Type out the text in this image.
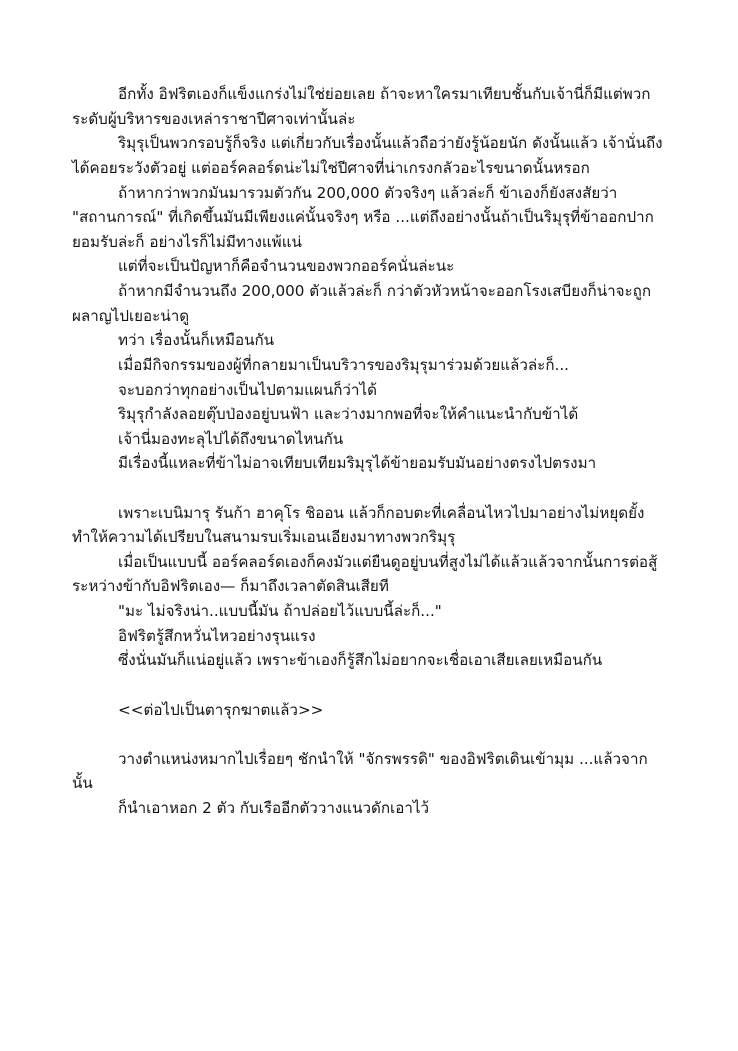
อีกทั้ง อิฟริตเองก็แข็งแกร่งไม่ใช่ย่อยเลย ถ้าจะหาใครมาเทียบชั้นกับเจ้านี่ก็มีแต่พวกระดับผู้บริหารของเหล่าราชาปีศาจเท่านั้นล่ะ

ริมุรุเป็นพวกรอบรู้ก็จริง แต่เกี่ยวกับเรื่องนั้นแล้วถือว่ายังรู้น้อยนัก ดังนั้นแล้ว เจ้านั่นถึงได้คอยระวังตัวอยู่ แต่ออร์คลอร์ดน่ะไม่ใช่ปีศาจที่น่าเกรงกลัวอะไรขนาดนั้นหรอก

ถ้าหากว่าพวกมันมารวมตัวกัน 200,000 ตัวจริงๆ แล้วล่ะก็ ข้าเองก็ยังสงสัยว่า "สถานการณ์" ที่เกิดขึ้นมันมีเพียงแค่นั้นจริงๆ หรือ ...แต่ถึงอย่างนั้นถ้าเป็นริมุรุที่ข้าออกปากยอมรับล่ะก็ อย่างไรก็ไม่มีทางแพ้แน่

แต่ที่จะเป็นปัญหาก็คือจำนวนของพวกออร์คนั่นล่ะนะ

ถ้าหากมีจำนวนถึง 200,000 ตัวแล้วล่ะก็ กว่าตัวหัวหน้าจะออกโรงเสบียงก็น่าจะถูกผลาญไปเยอะน่าดู

ทว่า เรื่องนั้นก็เหมือนกัน

เมื่อมีกิจกรรมของผู้ที่กลายมาเป็นบริวารของริมุรุมาร่วมด้วยแล้วล่ะก็...

จะบอกว่าทุกอย่างเป็นไปตามแผนก็ว่าได้

ริมุรุกำลังลอยตุ๊บป่องอยู่บนฟ้า และว่างมากพอที่จะให้คำแนะนำกับข้าได้

เจ้านี่มองทะลุไปได้ถึงขนาดไหนกัน

มีเรื่องนี้แหละที่ข้าไม่อาจเทียบเทียมริมุรุได้ข้ายอมรับมันอย่างตรงไปตรงมา

เพราะเบนิมารุ รันก้า ฮาคุโร ชิออน แล้วก็กอบตะที่เคลื่อนไหวไปมาอย่างไม่หยุดยั้งทำให้ความได้เปรียบในสนามรบเริ่มเอนเอียงมาทางพวกริมุรุ

เมื่อเป็นแบบนี้ ออร์คลอร์ดเองก็คงมัวแต่ยืนดูอยู่บนที่สูงไม่ได้แล้วแล้วจากนั้นการต่อสู้ระหว่างข้ากับอิฟริตเอง— ก็มาถึงเวลาตัดสินเสียที

"มะ ไม่จริงน่า..แบบนี้มัน ถ้าปล่อยไว้แบบนี้ล่ะก็..."

อิฟริตรู้สึกหวั่นไหวอย่างรุนแรง

ซึ่งนั่นมันก็แน่อยู่แล้ว เพราะข้าเองก็รู้สึกไม่อยากจะเชื่อเอาเสียเลยเหมือนกัน

<<ต่อไปเป็นตารุกฆาตแล้ว>>

วางตำแหน่งหมากไปเรื่อยๆ ชักนำให้ "จักรพรรดิ" ของอิฟริตเดินเข้ามุม ...แล้วจากนั้น

ก็นำเอาหอก 2 ตัว กับเรืออีกตัววางแนวดักเอาไว้
